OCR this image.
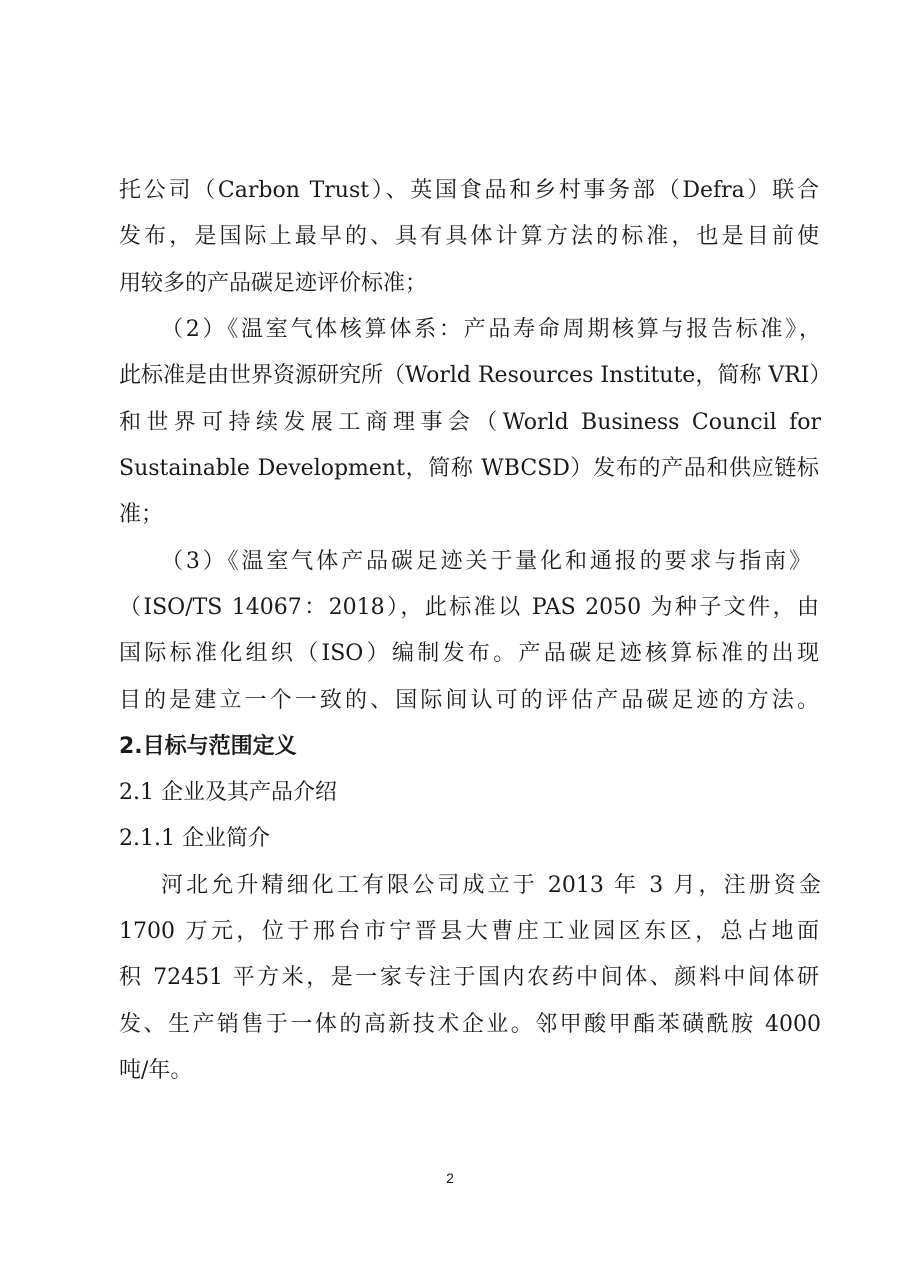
托公司（Carbon Trust）、英国食品和乡村事务部（Defra）联合
发布，是国际上最早的、具有具体计算方法的标准，也是目前使
用较多的产品碳足迹评价标准；
（2）《温室气体核算体系：产品寿命周期核算与报告标准》，
此标准是由世界资源研究所（World Resources Institute，简称 VRI）
和世界可持续发展工商理事会（World Business Council for
Sustainable Development，简称 WBCSD）发布的产品和供应链标
准；
（3）《温室气体产品碳足迹关于量化和通报的要求与指南》
（ISO/TS 14067：2018），此标准以 PAS 2050 为种子文件，由
国际标准化组织（ISO）编制发布。产品碳足迹核算标准的出现
目的是建立一个一致的、国际间认可的评估产品碳足迹的方法。
2.目标与范围定义
2.1 企业及其产品介绍
2.1.1 企业简介
河北允升精细化工有限公司成立于 2013 年 3 月，注册资金
1700 万元，位于邢台市宁晋县大曹庄工业园区东区，总占地面
积 72451 平方米，是一家专注于国内农药中间体、颜料中间体研
发、生产销售于一体的高新技术企业。邻甲酸甲酯苯磺酰胺 4000
吨/年。
2
